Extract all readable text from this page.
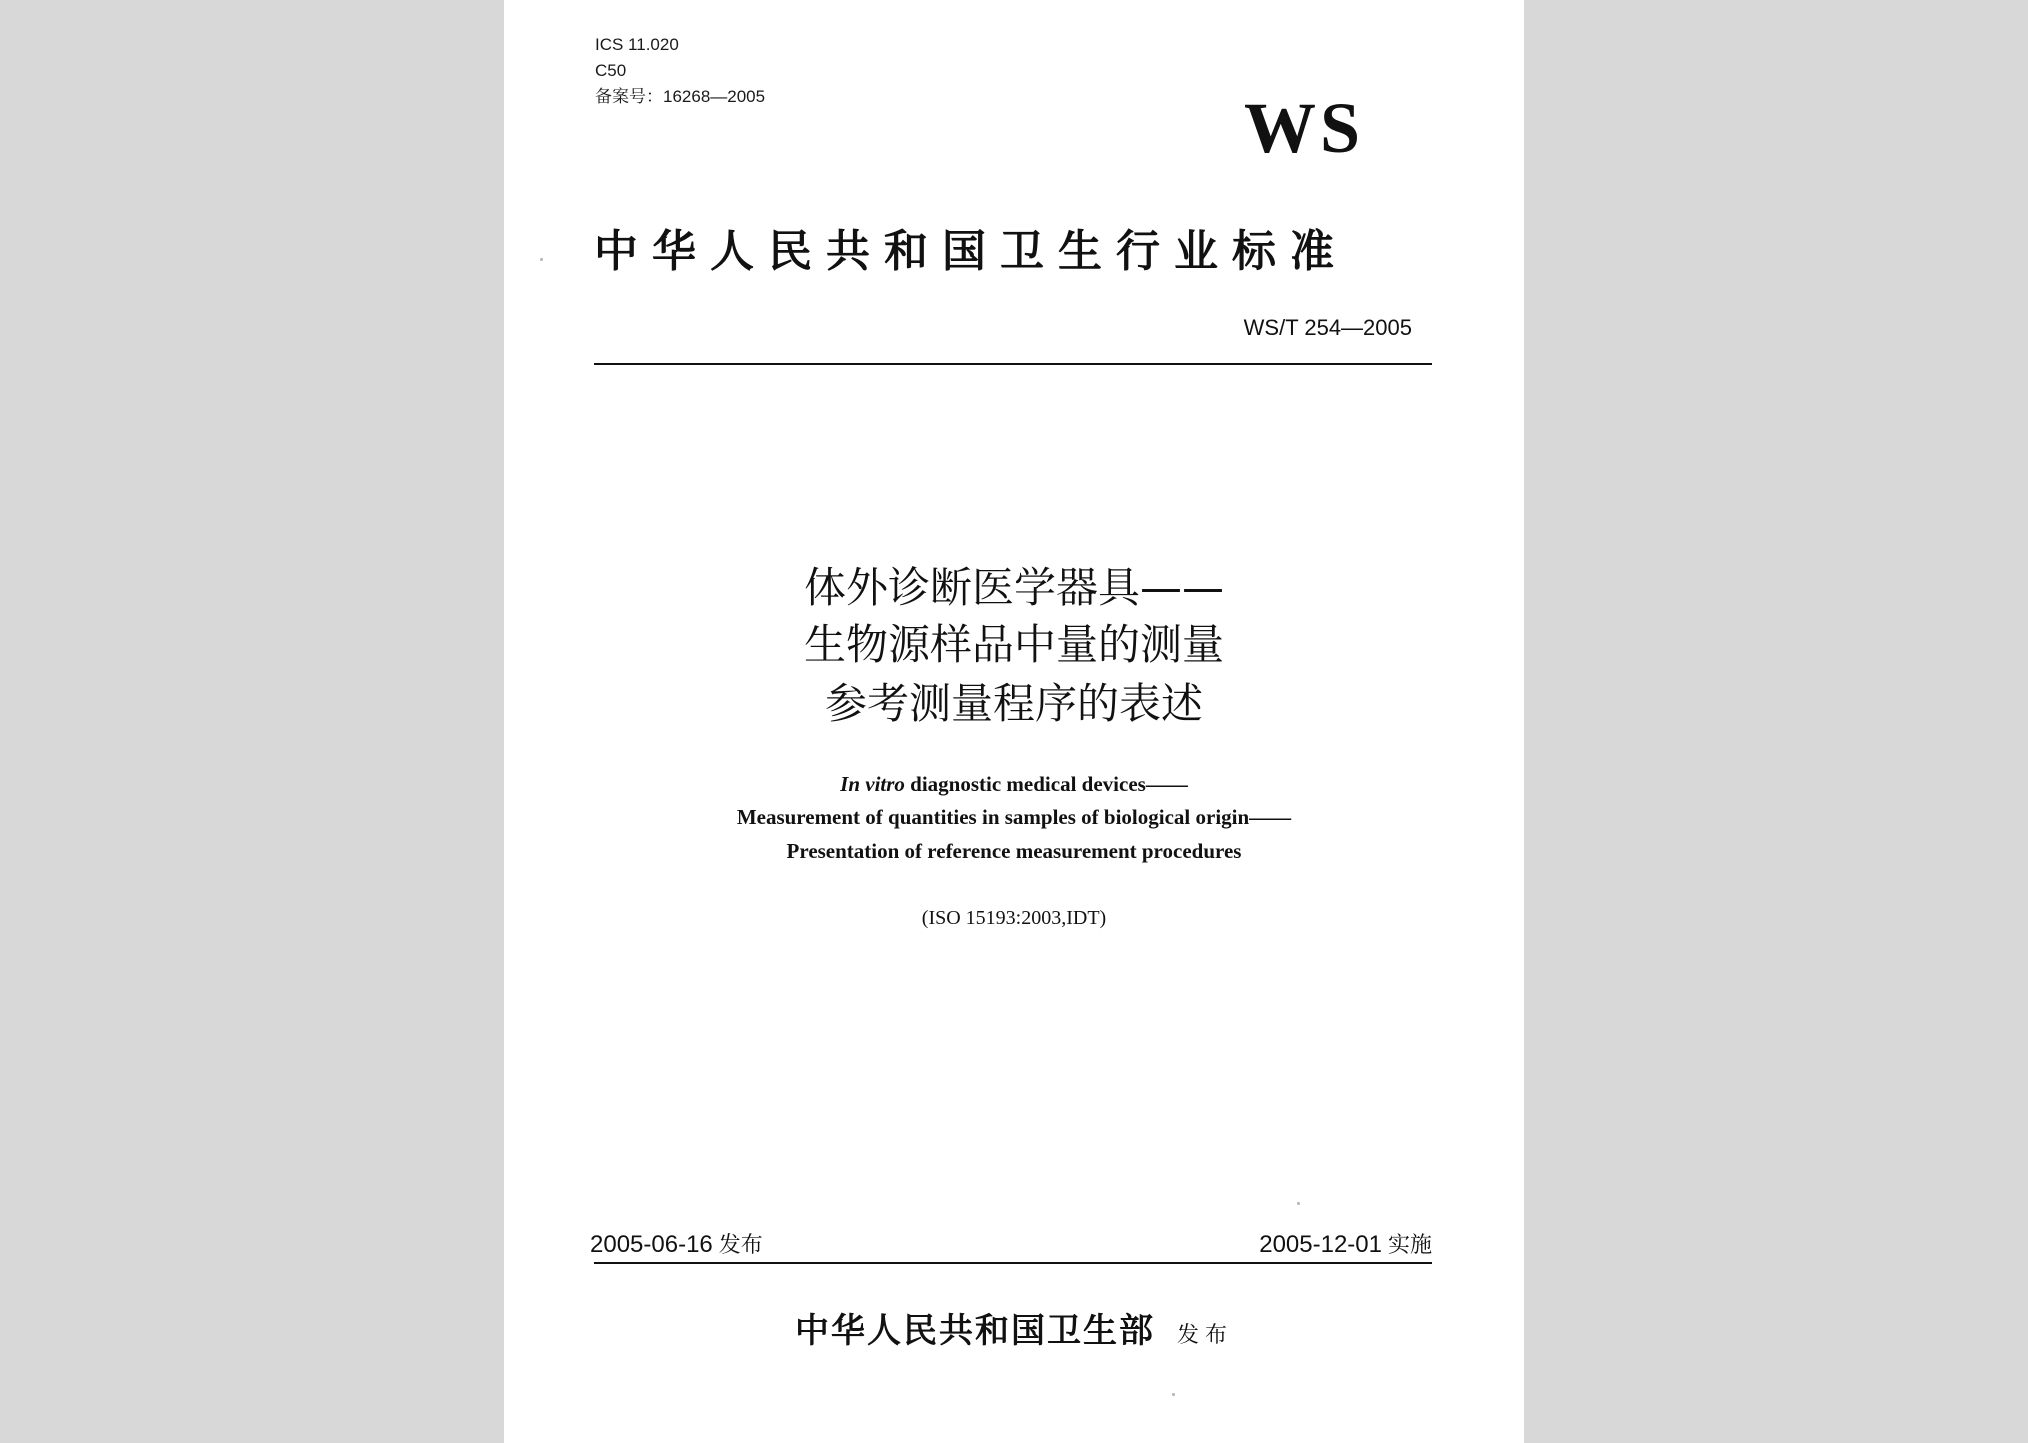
ICS 11.020
C50
备案号：16268—2005	WS
中华人民共和国卫生行业标准
WS/T 254—2005
体外诊断医学器具——
生物源样品中量的测量
参考测量程序的表述
In vitro diagnostic medical devices——
Measurement of quantities in samples of biological origin——
Presentation of reference measurement procedures
(ISO 15193:2003,IDT)
2005-06-16 发布	2005-12-01 实施
中华人民共和国卫生部 发布
